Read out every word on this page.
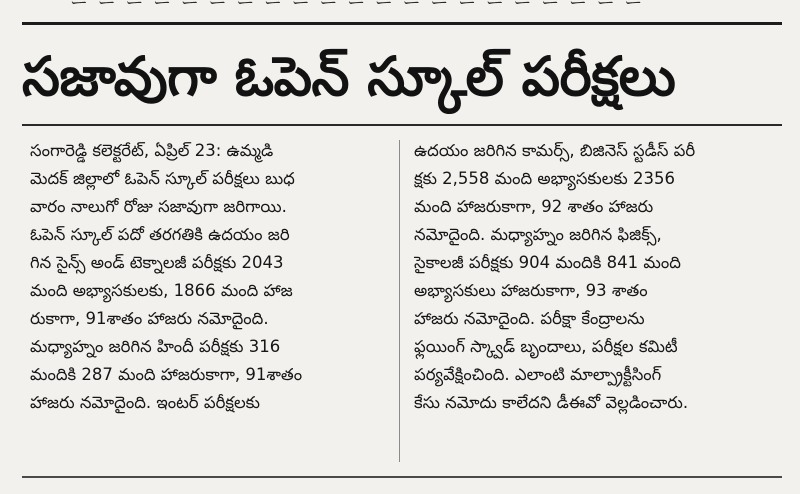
ー ー ー ー ー ー ー ー ー ー ー ー ー ー ー ー ー ー ー ー ー
సజావుగా ఓపెన్ స్కూల్ పరీక్షలు
సంగారెడ్డి కలెక్టరేట్, ఏప్రిల్ 23: ఉమ్మడి
మెదక్ జిల్లాలో ఓపెన్ స్కూల్ పరీక్షలు బుధ
వారం నాలుగో రోజు సజావుగా జరిగాయి.
ఓపెన్ స్కూల్ పదో తరగతికి ఉదయం జరి
గిన సైన్స్ అండ్ టెక్నాలజీ పరీక్షకు 2043
మంది అభ్యాసకులకు, 1866 మంది హాజ
రుకాగా, 91శాతం హాజరు నమోదైంది.
మధ్యాహ్నం జరిగిన హిందీ పరీక్షకు 316
మందికి 287 మంది హాజరుకాగా, 91శాతం
హాజరు నమోదైంది. ఇంటర్ పరీక్షలకు
ఉదయం జరిగిన కామర్స్, బిజినెస్ స్టడీస్ పరీ
క్షకు 2,558 మంది అభ్యాసకులకు 2356
మంది హాజరుకాగా, 92 శాతం హాజరు
నమోదైంది. మధ్యాహ్నం జరిగిన ఫిజిక్స్,
సైకాలజీ పరీక్షకు 904 మందికి 841 మంది
అభ్యాసకులు హాజరుకాగా, 93 శాతం
హాజరు నమోదైంది. పరీక్షా కేంద్రాలను
ఫ్లయింగ్ స్క్వాడ్ బృందాలు, పరీక్షల కమిటీ
పర్యవేక్షించింది. ఎలాంటి మాల్ప్రాక్టీసింగ్
కేసు నమోదు కాలేదని డీఈవో వెల్లడించారు.
